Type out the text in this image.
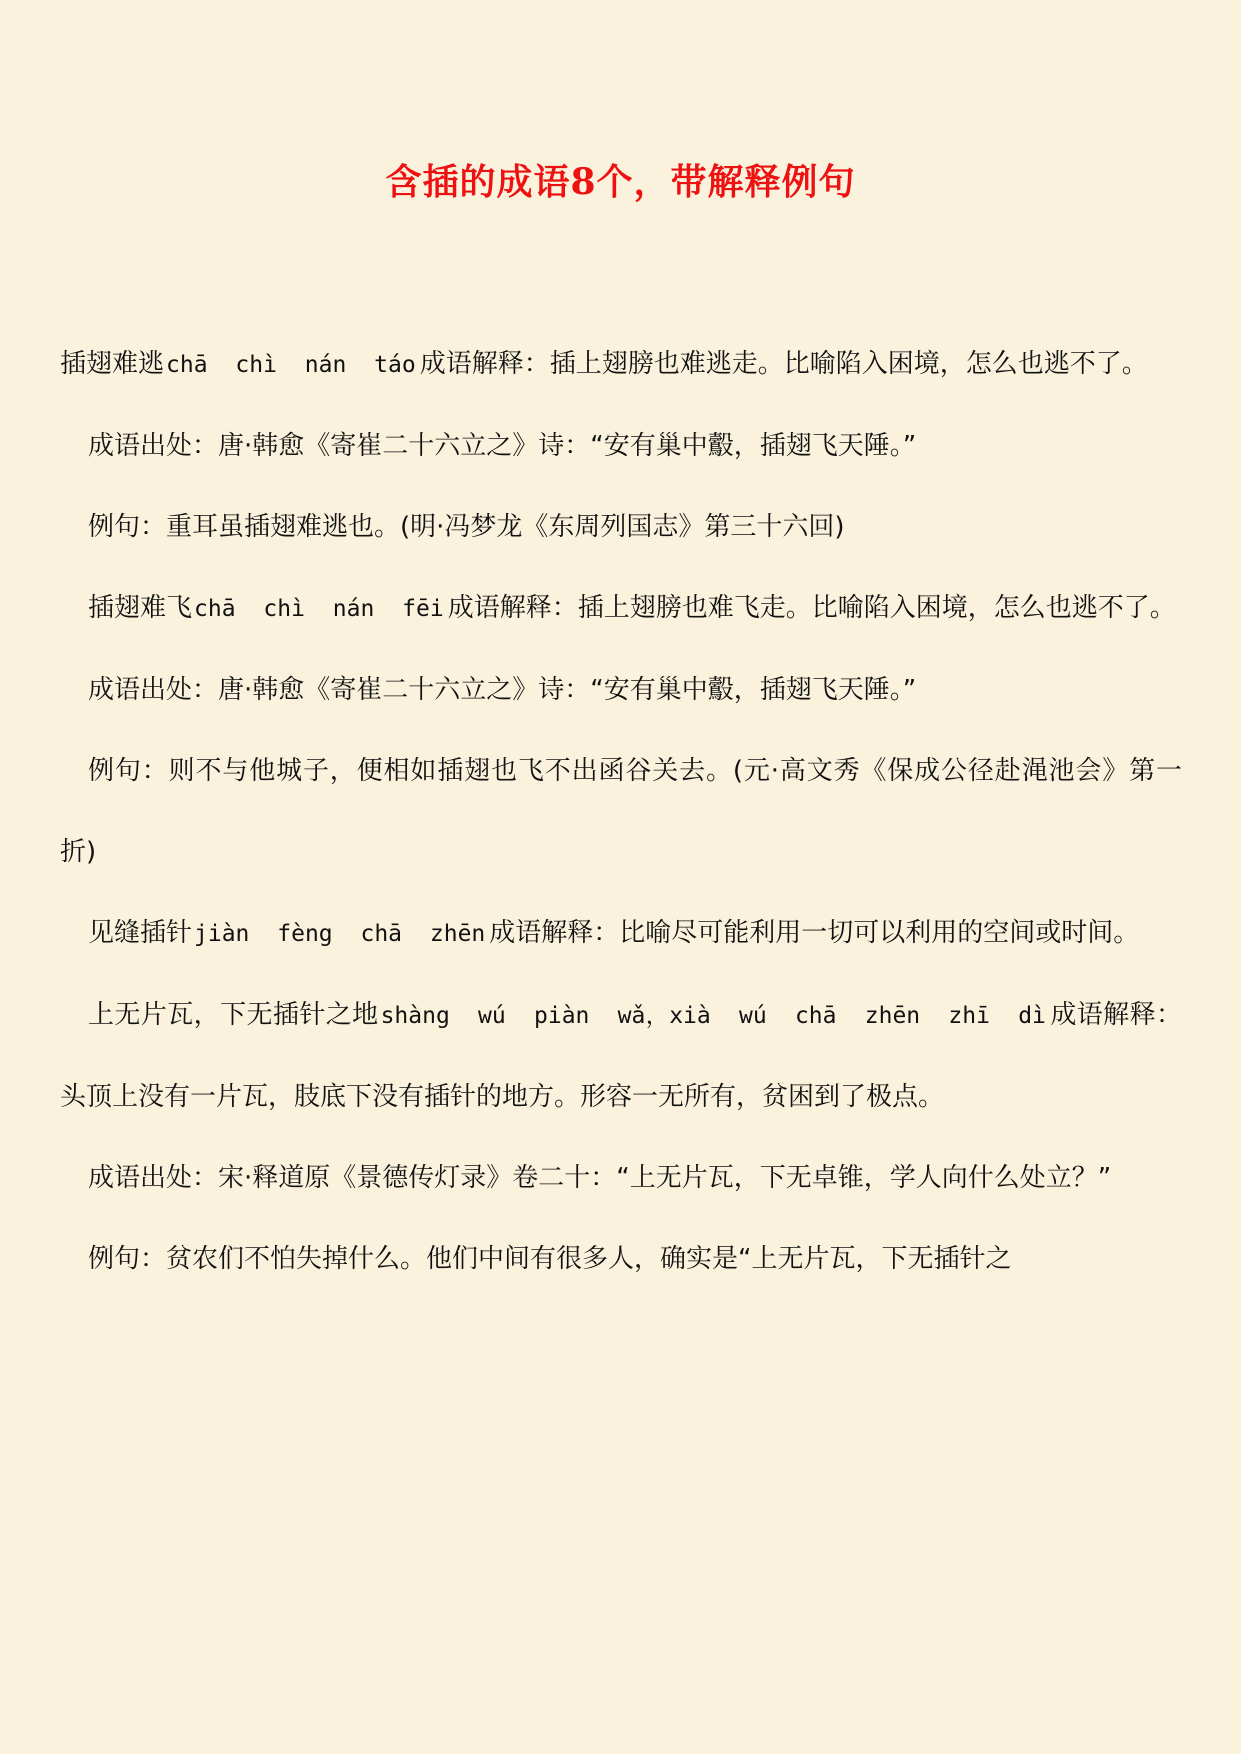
含插的成语8个，带解释例句

插翅难逃chā chì nán táo 成语解释：插上翅膀也难逃走。比喻陷入困境，怎么也逃不了。

成语出处：唐·韩愈《寄崔二十六立之》诗：“安有巢中鷇，插翅飞天陲。”

例句：重耳虽插翅难逃也。(明·冯梦龙《东周列国志》第三十六回)

插翅难飞chā chì nán fēi 成语解释：插上翅膀也难飞走。比喻陷入困境，怎么也逃不了。

成语出处：唐·韩愈《寄崔二十六立之》诗：“安有巢中鷇，插翅飞天陲。”

例句：则不与他城子，便相如插翅也飞不出函谷关去。(元·高文秀《保成公径赴渑池会》第一折)

见缝插针jiàn fèng chā zhēn 成语解释：比喻尽可能利用一切可以利用的空间或时间。

上无片瓦，下无插针之地shàng wú piàn wǎ，xià wú chā zhēn zhī dì 成语解释：头顶上没有一片瓦，肢底下没有插针的地方。形容一无所有，贫困到了极点。

成语出处：宋·释道原《景德传灯录》卷二十：“上无片瓦，下无卓锥，学人向什么处立？”

例句：贫农们不怕失掉什么。他们中间有很多人，确实是“上无片瓦，下无插针之
